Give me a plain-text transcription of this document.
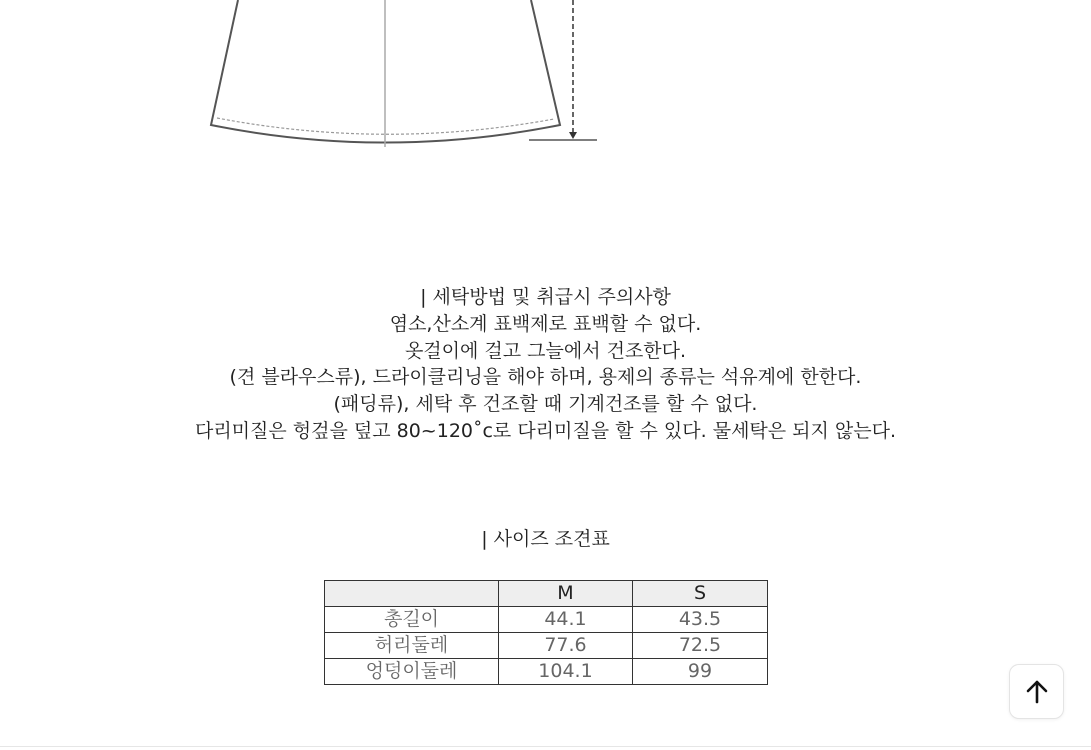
| 세탁방법 및 취급시 주의사항
염소,산소계 표백제로 표백할 수 없다.
옷걸이에 걸고 그늘에서 건조한다.
(견 블라우스류), 드라이클리닝을 해야 하며, 용제의 종류는 석유계에 한한다.
(패딩류), 세탁 후 건조할 때 기계건조를 할 수 없다.
다리미질은 헝겊을 덮고 80~120˚c로 다리미질을 할 수 있다. 물세탁은 되지 않는다.
| 사이즈 조견표
	M	S
총길이	44.1	43.5
허리둘레	77.6	72.5
엉덩이둘레	104.1	99
